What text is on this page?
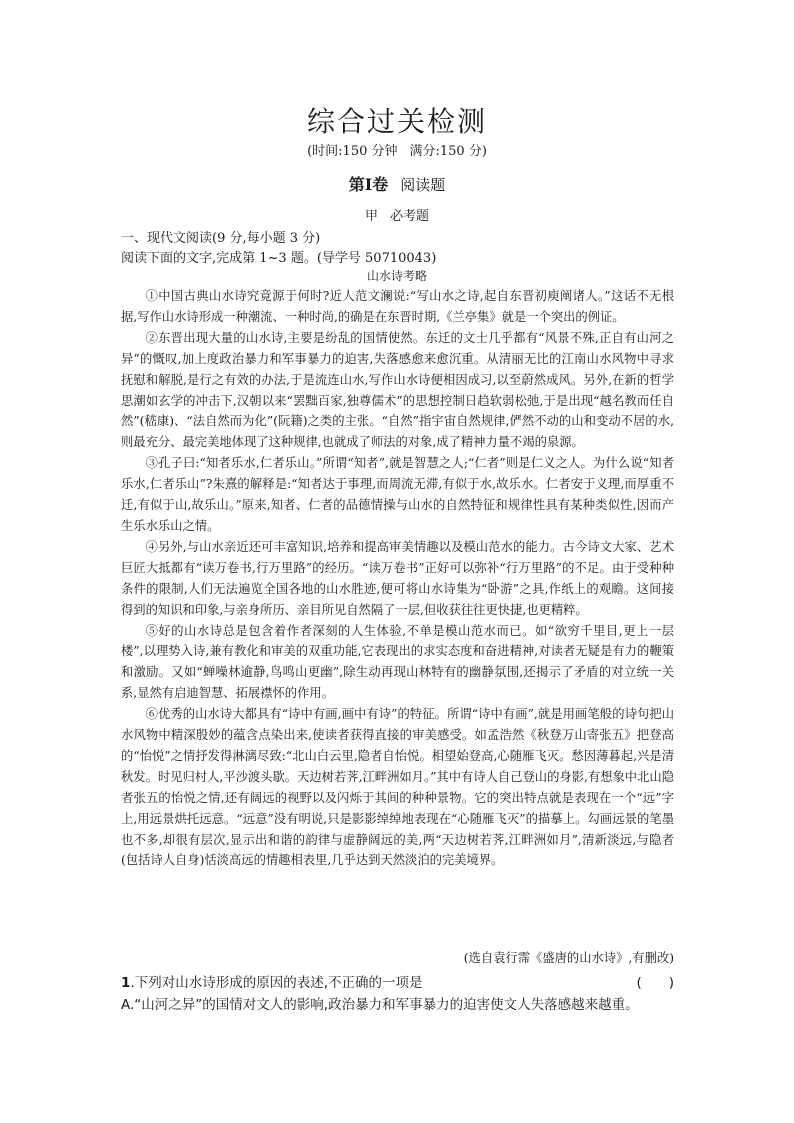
综合过关检测
(时间:150 分钟 满分:150 分)
第Ⅰ卷 阅读题
甲 必考题
一、现代文阅读(9 分,每小题 3 分)
阅读下面的文字,完成第 1~3 题。(导学号 50710043)
山水诗考略

①中国古典山水诗究竟源于何时?近人范文澜说:“写山水之诗,起自东晋初庾阐诸人。”这话不无根据,写作山水诗形成一种潮流、一种时尚,的确是在东晋时期,《兰亭集》就是一个突出的例证。

②东晋出现大量的山水诗,主要是纷乱的国情使然。东迁的文士几乎都有“风景不殊,正自有山河之异”的慨叹,加上度政治暴力和军事暴力的迫害,失落感愈来愈沉重。从清丽无比的江南山水风物中寻求抚慰和解脱,是行之有效的办法,于是流连山水,写作山水诗便相因成习,以至蔚然成风。另外,在新的哲学思潮如玄学的冲击下,汉朝以来“罢黜百家,独尊儒术”的思想控制日趋软弱松弛,于是出现“越名教而任自然”(嵇康)、“法自然而为化”(阮籍)之类的主张。“自然”指宇宙自然规律,俨然不动的山和变动不居的水,则最充分、最完美地体现了这种规律,也就成了师法的对象,成了精神力量不竭的泉源。

③孔子曰:“知者乐水,仁者乐山。”所谓“知者”,就是智慧之人;“仁者”则是仁义之人。为什么说“知者乐水,仁者乐山”?朱熹的解释是:“知者达于事理,而周流无滞,有似于水,故乐水。仁者安于义理,而厚重不迁,有似于山,故乐山。”原来,知者、仁者的品德情操与山水的自然特征和规律性具有某种类似性,因而产生乐水乐山之情。

④另外,与山水亲近还可丰富知识,培养和提高审美情趣以及模山范水的能力。古今诗文大家、艺术巨匠大抵都有“读万卷书,行万里路”的经历。“读万卷书”正好可以弥补“行万里路”的不足。由于受种种条件的限制,人们无法遍览全国各地的山水胜迹,便可将山水诗集为“卧游”之具,作纸上的观瞻。这间接得到的知识和印象,与亲身所历、亲目所见自然隔了一层,但收获往往更快捷,也更精粹。

⑤好的山水诗总是包含着作者深刻的人生体验,不单是模山范水而已。如“欲穷千里目,更上一层楼”,以理势入诗,兼有教化和审美的双重功能,它表现出的求实态度和奋进精神,对读者无疑是有力的鞭策和激励。又如“蝉噪林逾静,鸟鸣山更幽”,除生动再现山林特有的幽静氛围,还揭示了矛盾的对立统一关系,显然有启迪智慧、拓展襟怀的作用。

⑥优秀的山水诗大都具有“诗中有画,画中有诗”的特征。所谓“诗中有画”,就是用画笔般的诗句把山水风物中精深殷妙的蕴含点染出来,使读者获得直接的审美感受。如孟浩然《秋登万山寄张五》把登高的“怡悦”之情抒发得淋漓尽致:“北山白云里,隐者自怡悦。相望始登高,心随雁飞灭。愁因薄暮起,兴是清秋发。时见归村人,平沙渡头歇。天边树若荠,江畔洲如月。”其中有诗人自己登山的身影,有想象中北山隐者张五的怡悦之情,还有阔远的视野以及闪烁于其间的种种景物。它的突出特点就是表现在一个“远”字上,用远景烘托远意。“远意”没有明说,只是影影绰绰地表现在“心随雁飞灭”的描摹上。勾画远景的笔墨也不多,却很有层次,显示出和谐的韵律与虚静阔远的美,两“天边树若荠,江畔洲如月”,清新淡远,与隐者(包括诗人自身)恬淡高远的情趣相表里,几乎达到天然淡泊的完美境界。

(选自袁行霈《盛唐的山水诗》,有删改)
1.下列对山水诗形成的原因的表述,不正确的一项是	(　　)
A.“山河之异”的国情对文人的影响,政治暴力和军事暴力的迫害使文人失落感越来越重。
